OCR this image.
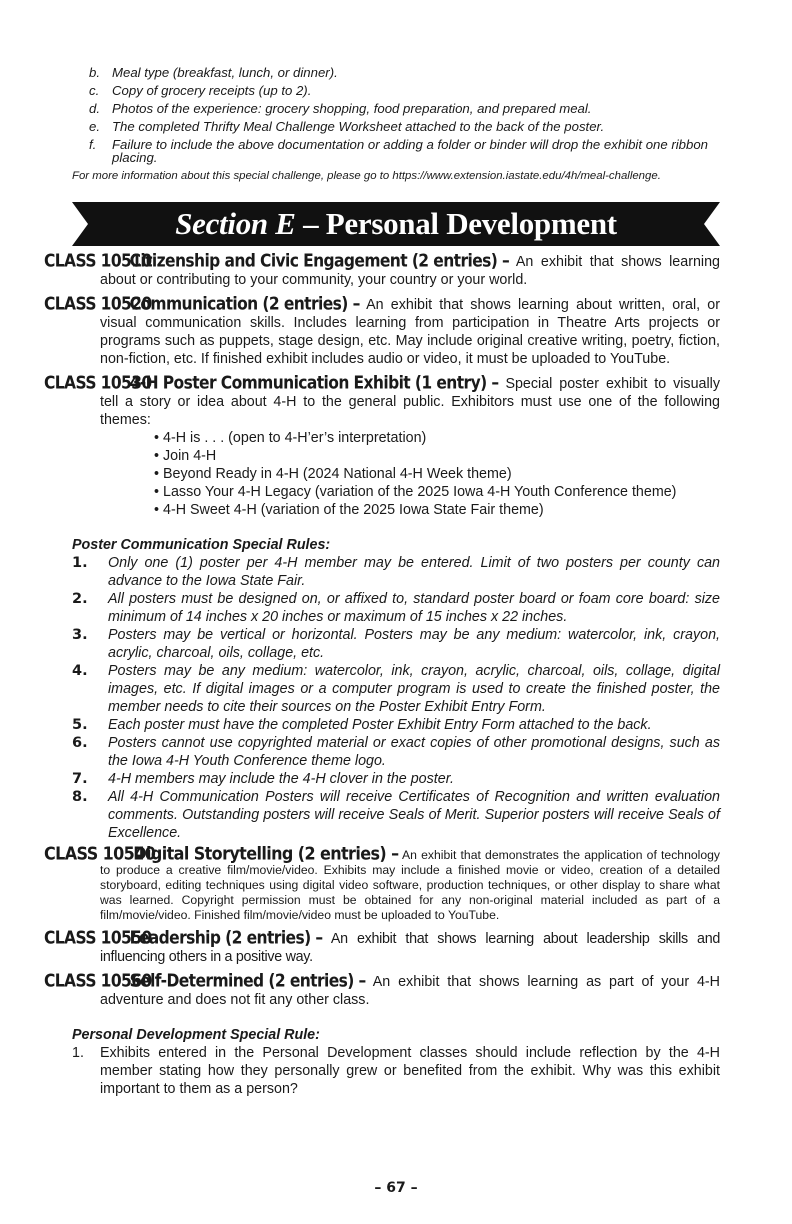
b. Meal type (breakfast, lunch, or dinner).
c. Copy of grocery receipts (up to 2).
d. Photos of the experience: grocery shopping, food preparation, and prepared meal.
e. The completed Thrifty Meal Challenge Worksheet attached to the back of the poster.
f. Failure to include the above documentation or adding a folder or binder will drop the exhibit one ribbon placing.
For more information about this special challenge, please go to https://www.extension.iastate.edu/4h/meal-challenge.
Section E – Personal Development
CLASS 10510Citizenship and Civic Engagement (2 entries) – An exhibit that shows learning about or contributing to your community, your country or your world.
CLASS 10520Communication (2 entries) – An exhibit that shows learning about written, oral, or visual communication skills. Includes learning from participation in Theatre Arts projects or programs such as puppets, stage design, etc. May include original creative writing, poetry, fiction, non-fiction, etc. If finished exhibit includes audio or video, it must be uploaded to YouTube.
CLASS 105304-H Poster Communication Exhibit (1 entry) – Special poster exhibit to visually tell a story or idea about 4-H to the general public. Exhibitors must use one of the following themes:
• 4-H is . . . (open to 4-H’er’s interpretation)
• Join 4-H
• Beyond Ready in 4-H (2024 National 4-H Week theme)
• Lasso Your 4-H Legacy (variation of the 2025 Iowa 4-H Youth Conference theme)
• 4-H Sweet 4-H (variation of the 2025 Iowa State Fair theme)
Poster Communication Special Rules:
1. Only one (1) poster per 4-H member may be entered. Limit of two posters per county can advance to the Iowa State Fair.
2. All posters must be designed on, or affixed to, standard poster board or foam core board: size minimum of 14 inches x 20 inches or maximum of 15 inches x 22 inches.
3. Posters may be vertical or horizontal. Posters may be any medium: watercolor, ink, crayon, acrylic, charcoal, oils, collage, etc.
4. Posters may be any medium: watercolor, ink, crayon, acrylic, charcoal, oils, collage, digital images, etc. If digital images or a computer program is used to create the finished poster, the member needs to cite their sources on the Poster Exhibit Entry Form.
5. Each poster must have the completed Poster Exhibit Entry Form attached to the back.
6. Posters cannot use copyrighted material or exact copies of other promotional designs, such as the Iowa 4-H Youth Conference theme logo.
7. 4-H members may include the 4-H clover in the poster.
8. All 4-H Communication Posters will receive Certificates of Recognition and written evaluation comments. Outstanding posters will receive Seals of Merit. Superior posters will receive Seals of Excellence.
CLASS 10540Digital Storytelling (2 entries) – An exhibit that demonstrates the application of technology to produce a creative film/movie/video. Exhibits may include a finished movie or video, creation of a detailed storyboard, editing techniques using digital video software, production techniques, or other display to share what was learned. Copyright permission must be obtained for any non-original material included as part of a film/movie/video. Finished film/movie/video must be uploaded to YouTube.
CLASS 10550Leadership (2 entries) – An exhibit that shows learning about leadership skills and influencing others in a positive way.
CLASS 10560Self-Determined (2 entries) – An exhibit that shows learning as part of your 4-H adventure and does not fit any other class.
Personal Development Special Rule:
1. Exhibits entered in the Personal Development classes should include reflection by the 4-H member stating how they personally grew or benefited from the exhibit. Why was this exhibit important to them as a person?
– 67 –
